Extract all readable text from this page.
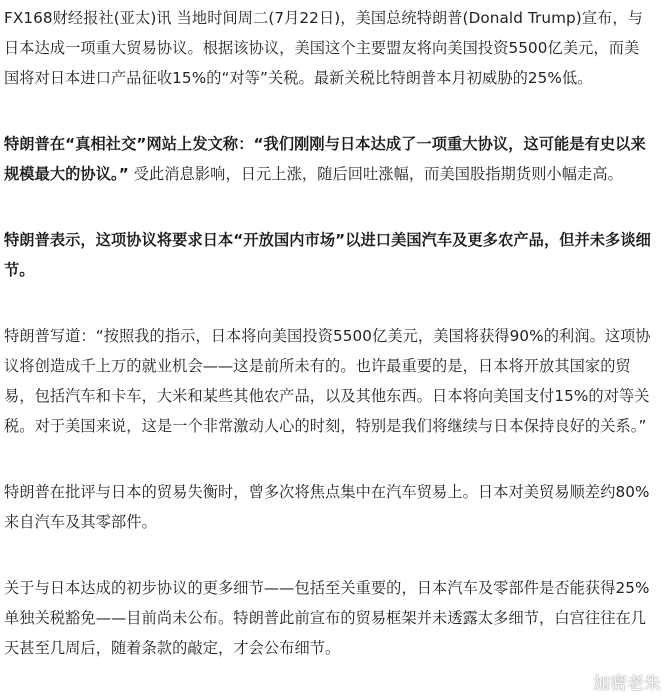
FX168财经报社(亚太)讯 当地时间周二(7月22日)，美国总统特朗普(Donald Trump)宣布，与日本达成一项重大贸易协议。根据该协议，美国这个主要盟友将向美国投资5500亿美元，而美国将对日本进口产品征收15%的“对等”关税。最新关税比特朗普本月初威胁的25%低。

特朗普在“真相社交”网站上发文称：“我们刚刚与日本达成了一项重大协议，这可能是有史以来规模最大的协议。” 受此消息影响，日元上涨，随后回吐涨幅，而美国股指期货则小幅走高。

特朗普表示，这项协议将要求日本“开放国内市场”以进口美国汽车及更多农产品，但并未多谈细节。

特朗普写道：“按照我的指示，日本将向美国投资5500亿美元，美国将获得90%的利润。这项协议将创造成千上万的就业机会——这是前所未有的。也许最重要的是，日本将开放其国家的贸易，包括汽车和卡车，大米和某些其他农产品，以及其他东西。日本将向美国支付15%的对等关税。对于美国来说，这是一个非常激动人心的时刻，特别是我们将继续与日本保持良好的关系。”

特朗普在批评与日本的贸易失衡时，曾多次将焦点集中在汽车贸易上。日本对美贸易顺差约80%来自汽车及其零部件。

关于与日本达成的初步协议的更多细节——包括至关重要的，日本汽车及零部件是否能获得25%单独关税豁免——目前尚未公布。特朗普此前宣布的贸易框架并未透露太多细节，白宫往往在几天甚至几周后，随着条款的敲定，才会公布细节。

加密老朱
